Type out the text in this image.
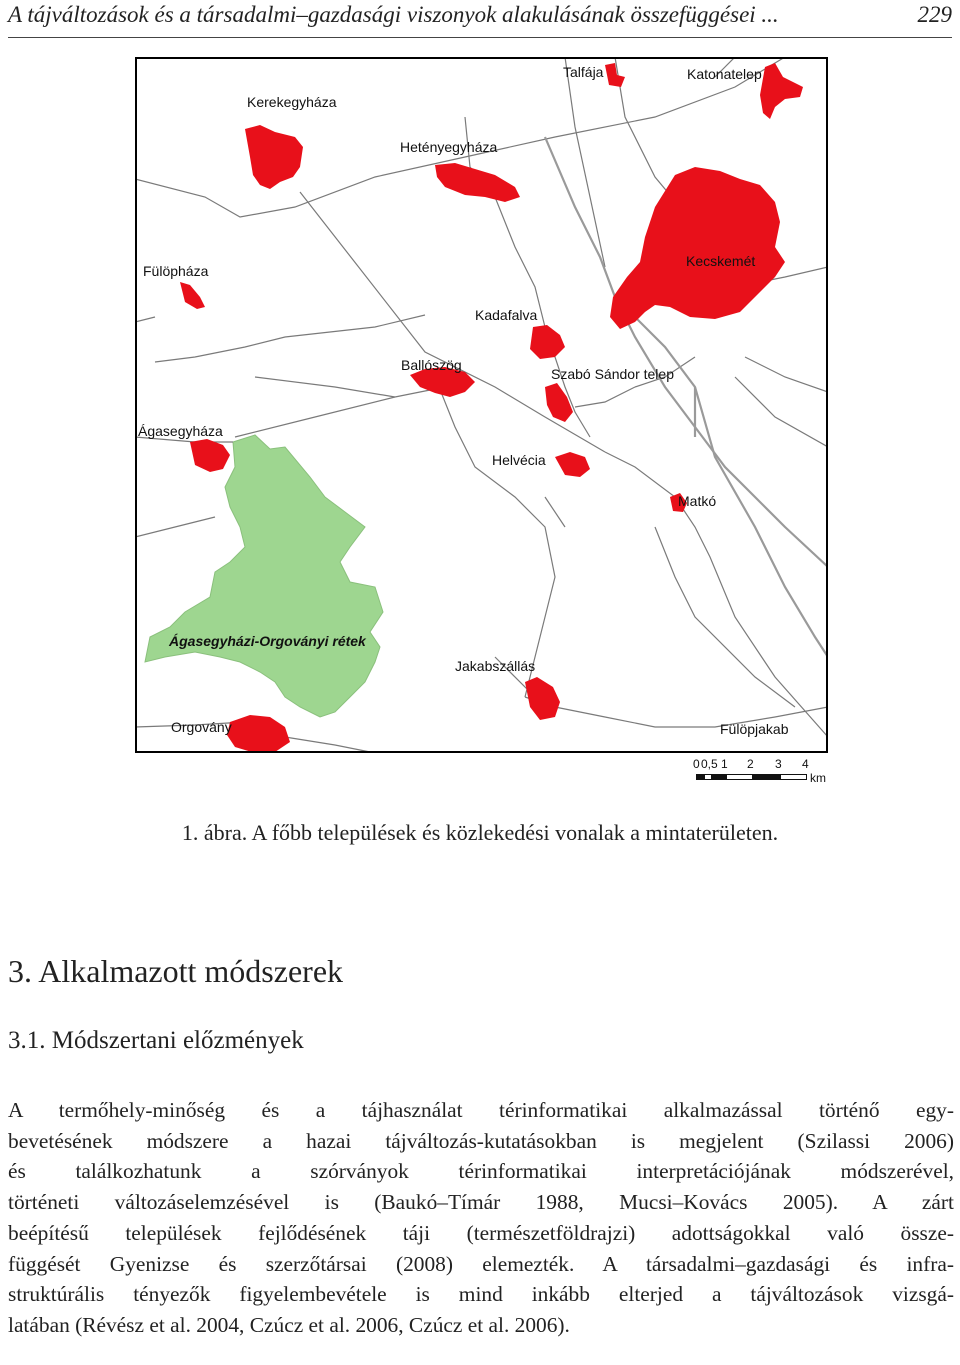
A tájváltozások és a társadalmi–gazdasági viszonyok alakulásának összefüggései ...	229
Talfája	Katonatelep
Kerekegyháza
Hetényegyháza
Fülöpháza
Kecskemét
Kadafalva
Ballószög
Szabó Sándor telep
Ágasegyháza
Helvécia
Matkó
Ágasegyházi-Orgoványi rétek
Jakabszállás
Orgovány	Fülöpjakab
0 0,5 1 2 3 4
km
1. ábra. A főbb települések és közlekedési vonalak a mintaterületen.
3. Alkalmazott módszerek
3.1. Módszertani előzmények
A termőhely-minőség és a tájhasználat térinformatikai alkalmazással történő egy-
bevetésének módszere a hazai tájváltozás-kutatásokban is megjelent (Szilassi 2006)
és találkozhatunk a szórványok térinformatikai interpretációjának módszerével,
történeti változáselemzésével is (Baukó–Tímár 1988, Mucsi–Kovács 2005). A zárt
beépítésű települések fejlődésének táji (természetföldrajzi) adottságokkal való össze-
függését Gyenizse és szerzőtársai (2008) elemezték. A társadalmi–gazdasági és infra-
struktúrális tényezők figyelembevétele is mind inkább elterjed a tájváltozások vizsgá-
latában (Révész et al. 2004, Czúcz et al. 2006, Czúcz et al. 2006).
